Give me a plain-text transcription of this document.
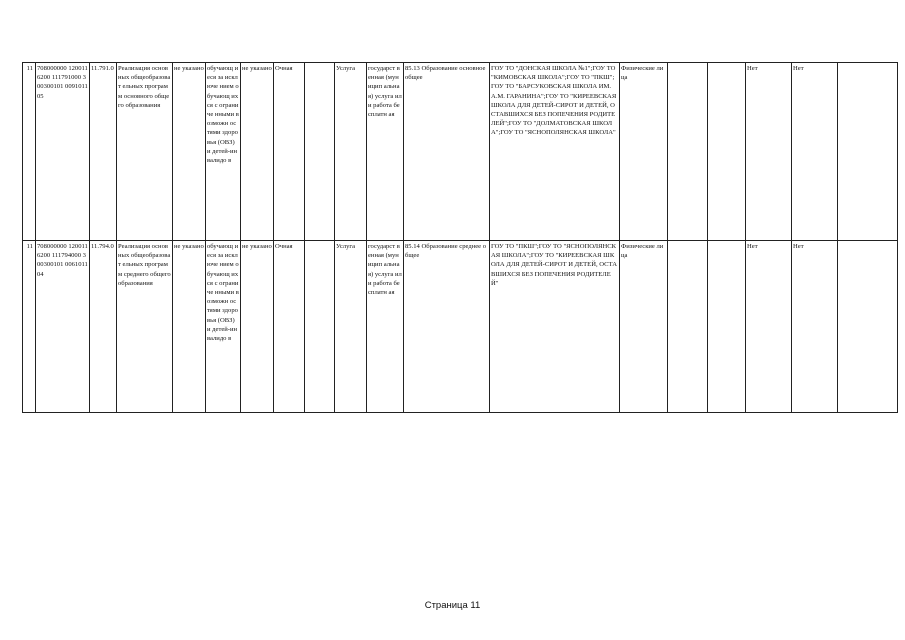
11	708000000 1200116200 111791000 300300101 009101105	11.791.0	Реализация основных общеобразоват ельных программ основного общего образования	не указано	обучающ иеся за исключе нием обучающ ихся с ограниче нными возможн остями здоровья (ОВЗ) и детей-инвалидо в	не указано	Очная		Услуга	государст венная (муницип альная) услуга или работа бесплатн ая	85.13 Образование основное общее	ГОУ ТО "ДОНСКАЯ ШКОЛА №1";ГОУ ТО "КИМОВСКАЯ ШКОЛА";ГОУ ТО "ПКШ";ГОУ ТО "БАРСУКОВСКАЯ ШКОЛА ИМ. А.М. ГАРАНИНА";ГОУ ТО "КИРЕЕВСКАЯ ШКОЛА ДЛЯ ДЕТЕЙ-СИРОТ И ДЕТЕЙ, ОСТАВШИХСЯ БЕЗ ПОПЕЧЕНИЯ РОДИТЕЛЕЙ";ГОУ ТО "ДОЛМАТОВСКАЯ ШКОЛА";ГОУ ТО "ЯСНОПОЛЯНСКАЯ ШКОЛА"	Физические лица			Нет	Нет	
11	708000000 1200116200 111794000 300300101 006101104	11.794.0	Реализация основных общеобразоват ельных программ среднего общего образования	не указано	обучающ иеся за исключе нием обучающ ихся с ограниче нными возможн остями здоровья (ОВЗ) и детей-инвалидо в	не указано	Очная		Услуга	государст венная (муницип альная) услуга или работа бесплатн ая	85.14 Образование среднее общее	ГОУ ТО "ПКШ";ГОУ ТО "ЯСНОПОЛЯНСКАЯ ШКОЛА";ГОУ ТО "КИРЕЕВСКАЯ ШКОЛА ДЛЯ ДЕТЕЙ-СИРОТ И ДЕТЕЙ, ОСТАВШИХСЯ БЕЗ ПОПЕЧЕНИЯ РОДИТЕЛЕЙ"	Физические лица			Нет	Нет	
Страница 11
